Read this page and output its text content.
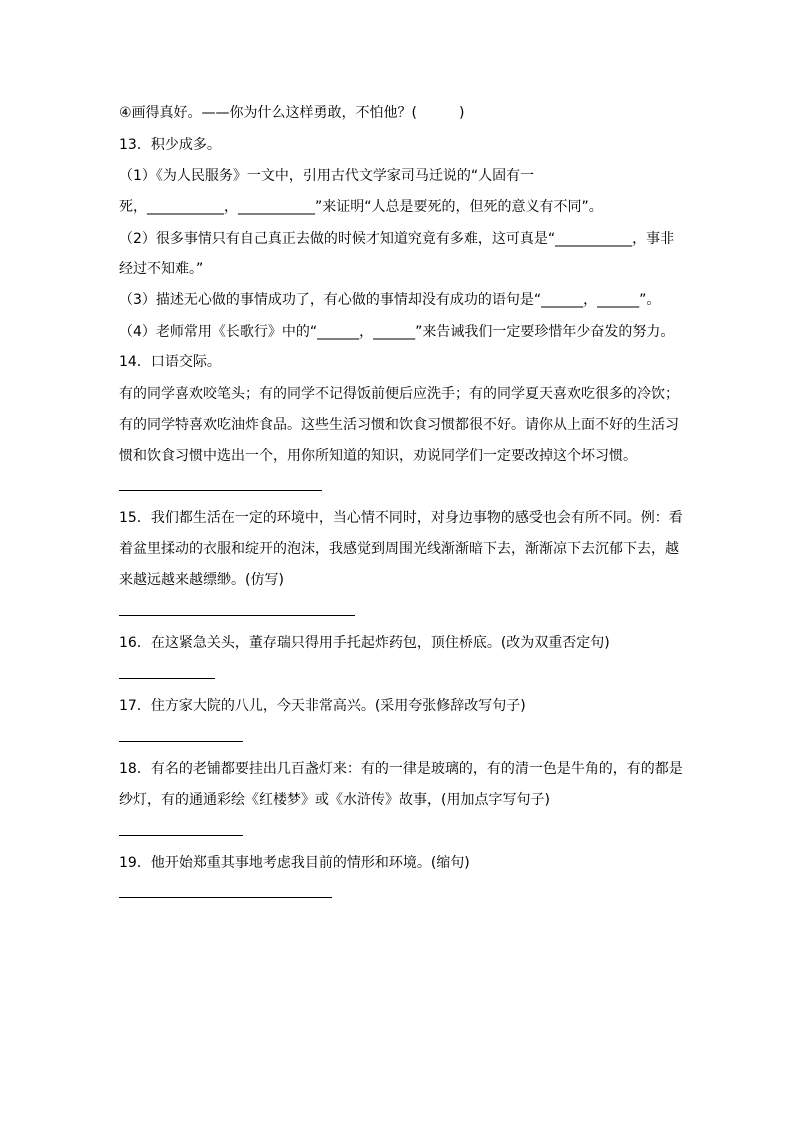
④画得真好。——你为什么这样勇敢，不怕他？(　　　)
13．积少成多。
（1）《为人民服务》一文中，引用古代文学家司马迁说的“人固有一
死，___________，___________”来证明“人总是要死的，但死的意义有不同”。
（2）很多事情只有自己真正去做的时候才知道究竟有多难，这可真是“___________，事非
经过不知难。”
（3）描述无心做的事情成功了，有心做的事情却没有成功的语句是“______，______”。
（4）老师常用《长歌行》中的“______，______”来告诫我们一定要珍惜年少奋发的努力。
14．口语交际。
有的同学喜欢咬笔头；有的同学不记得饭前便后应洗手；有的同学夏天喜欢吃很多的冷饮；
有的同学特喜欢吃油炸食品。这些生活习惯和饮食习惯都很不好。请你从上面不好的生活习
惯和饮食习惯中选出一个，用你所知道的知识，劝说同学们一定要改掉这个坏习惯。
15．我们都生活在一定的环境中，当心情不同时，对身边事物的感受也会有所不同。例：看
着盆里揉动的衣服和绽开的泡沫，我感觉到周围光线渐渐暗下去，渐渐凉下去沉郁下去，越
来越远越来越缥缈。(仿写)
16．在这紧急关头，董存瑞只得用手托起炸药包，顶住桥底。(改为双重否定句)
17．住方家大院的八儿，今天非常高兴。(采用夸张修辞改写句子)
18．有名的老铺都要挂出几百盏灯来：有的一律是玻璃的，有的清一色是牛角的，有的都是
纱灯，有的通通彩绘《红楼梦》或《水浒传》故事，(用加点字写句子)
19．他开始郑重其事地考虑我目前的情形和环境。(缩句)
